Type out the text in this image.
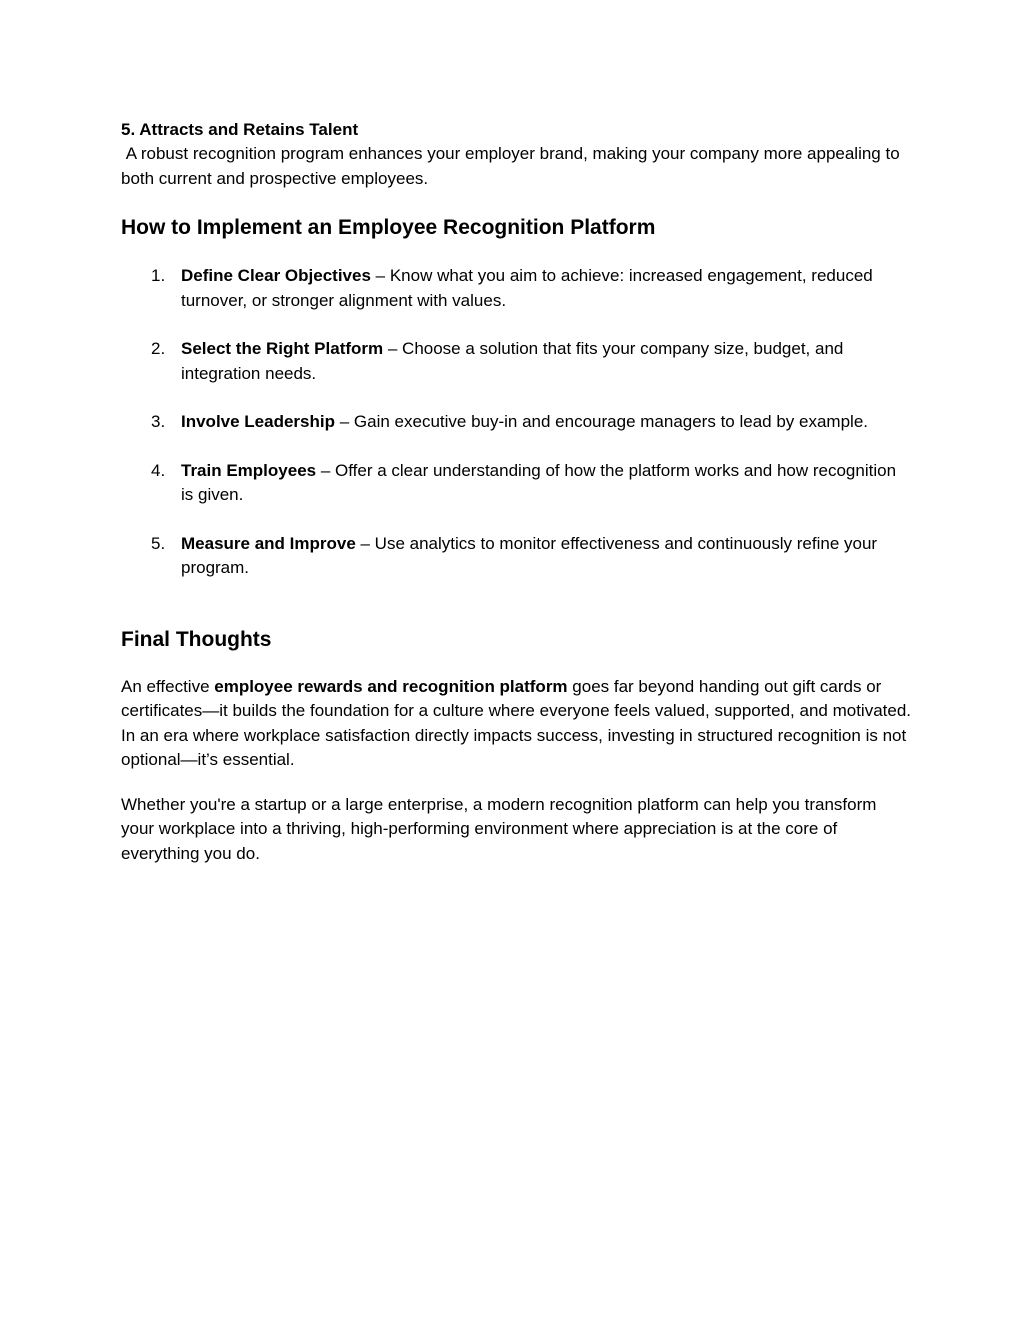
5. Attracts and Retains Talent

A robust recognition program enhances your employer brand, making your company more appealing to both current and prospective employees.

How to Implement an Employee Recognition Platform
1. Define Clear Objectives – Know what you aim to achieve: increased engagement, reduced turnover, or stronger alignment with values.
2. Select the Right Platform – Choose a solution that fits your company size, budget, and integration needs.
3. Involve Leadership – Gain executive buy-in and encourage managers to lead by example.
4. Train Employees – Offer a clear understanding of how the platform works and how recognition is given.
5. Measure and Improve – Use analytics to monitor effectiveness and continuously refine your program.
Final Thoughts

An effective employee rewards and recognition platform goes far beyond handing out gift cards or certificates—it builds the foundation for a culture where everyone feels valued, supported, and motivated. In an era where workplace satisfaction directly impacts success, investing in structured recognition is not optional—it’s essential.

Whether you're a startup or a large enterprise, a modern recognition platform can help you transform your workplace into a thriving, high-performing environment where appreciation is at the core of everything you do.
